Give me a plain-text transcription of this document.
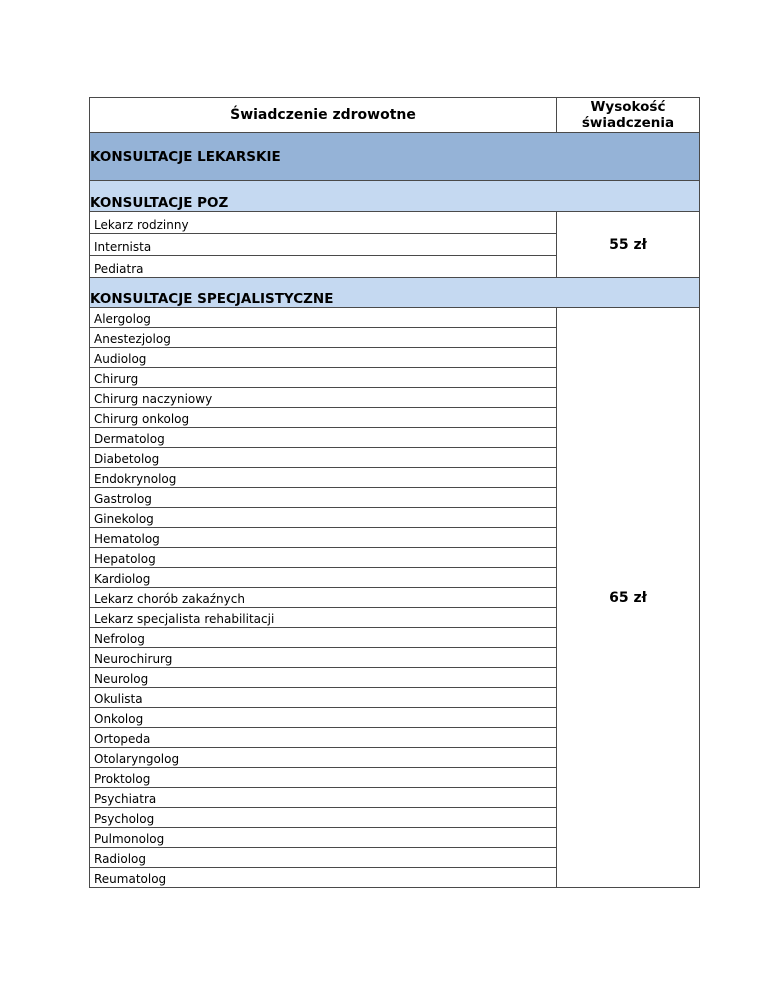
Świadczenie zdrowotne	Wysokość
świadczenia
KONSULTACJE LEKARSKIE	
KONSULTACJE POZ	
Lekarz rodzinny	55 zł
Internista	
Pediatra	
KONSULTACJE SPECJALISTYCZNE	
Alergolog	65 zł
Anestezjolog	
Audiolog	
Chirurg	
Chirurg naczyniowy	
Chirurg onkolog	
Dermatolog	
Diabetolog	
Endokrynolog	
Gastrolog	
Ginekolog	
Hematolog	
Hepatolog	
Kardiolog	
Lekarz chorób zakaźnych	
Lekarz specjalista rehabilitacji	
Nefrolog	
Neurochirurg	
Neurolog	
Okulista	
Onkolog	
Ortopeda	
Otolaryngolog	
Proktolog	
Psychiatra	
Psycholog	
Pulmonolog	
Radiolog	
Reumatolog	
